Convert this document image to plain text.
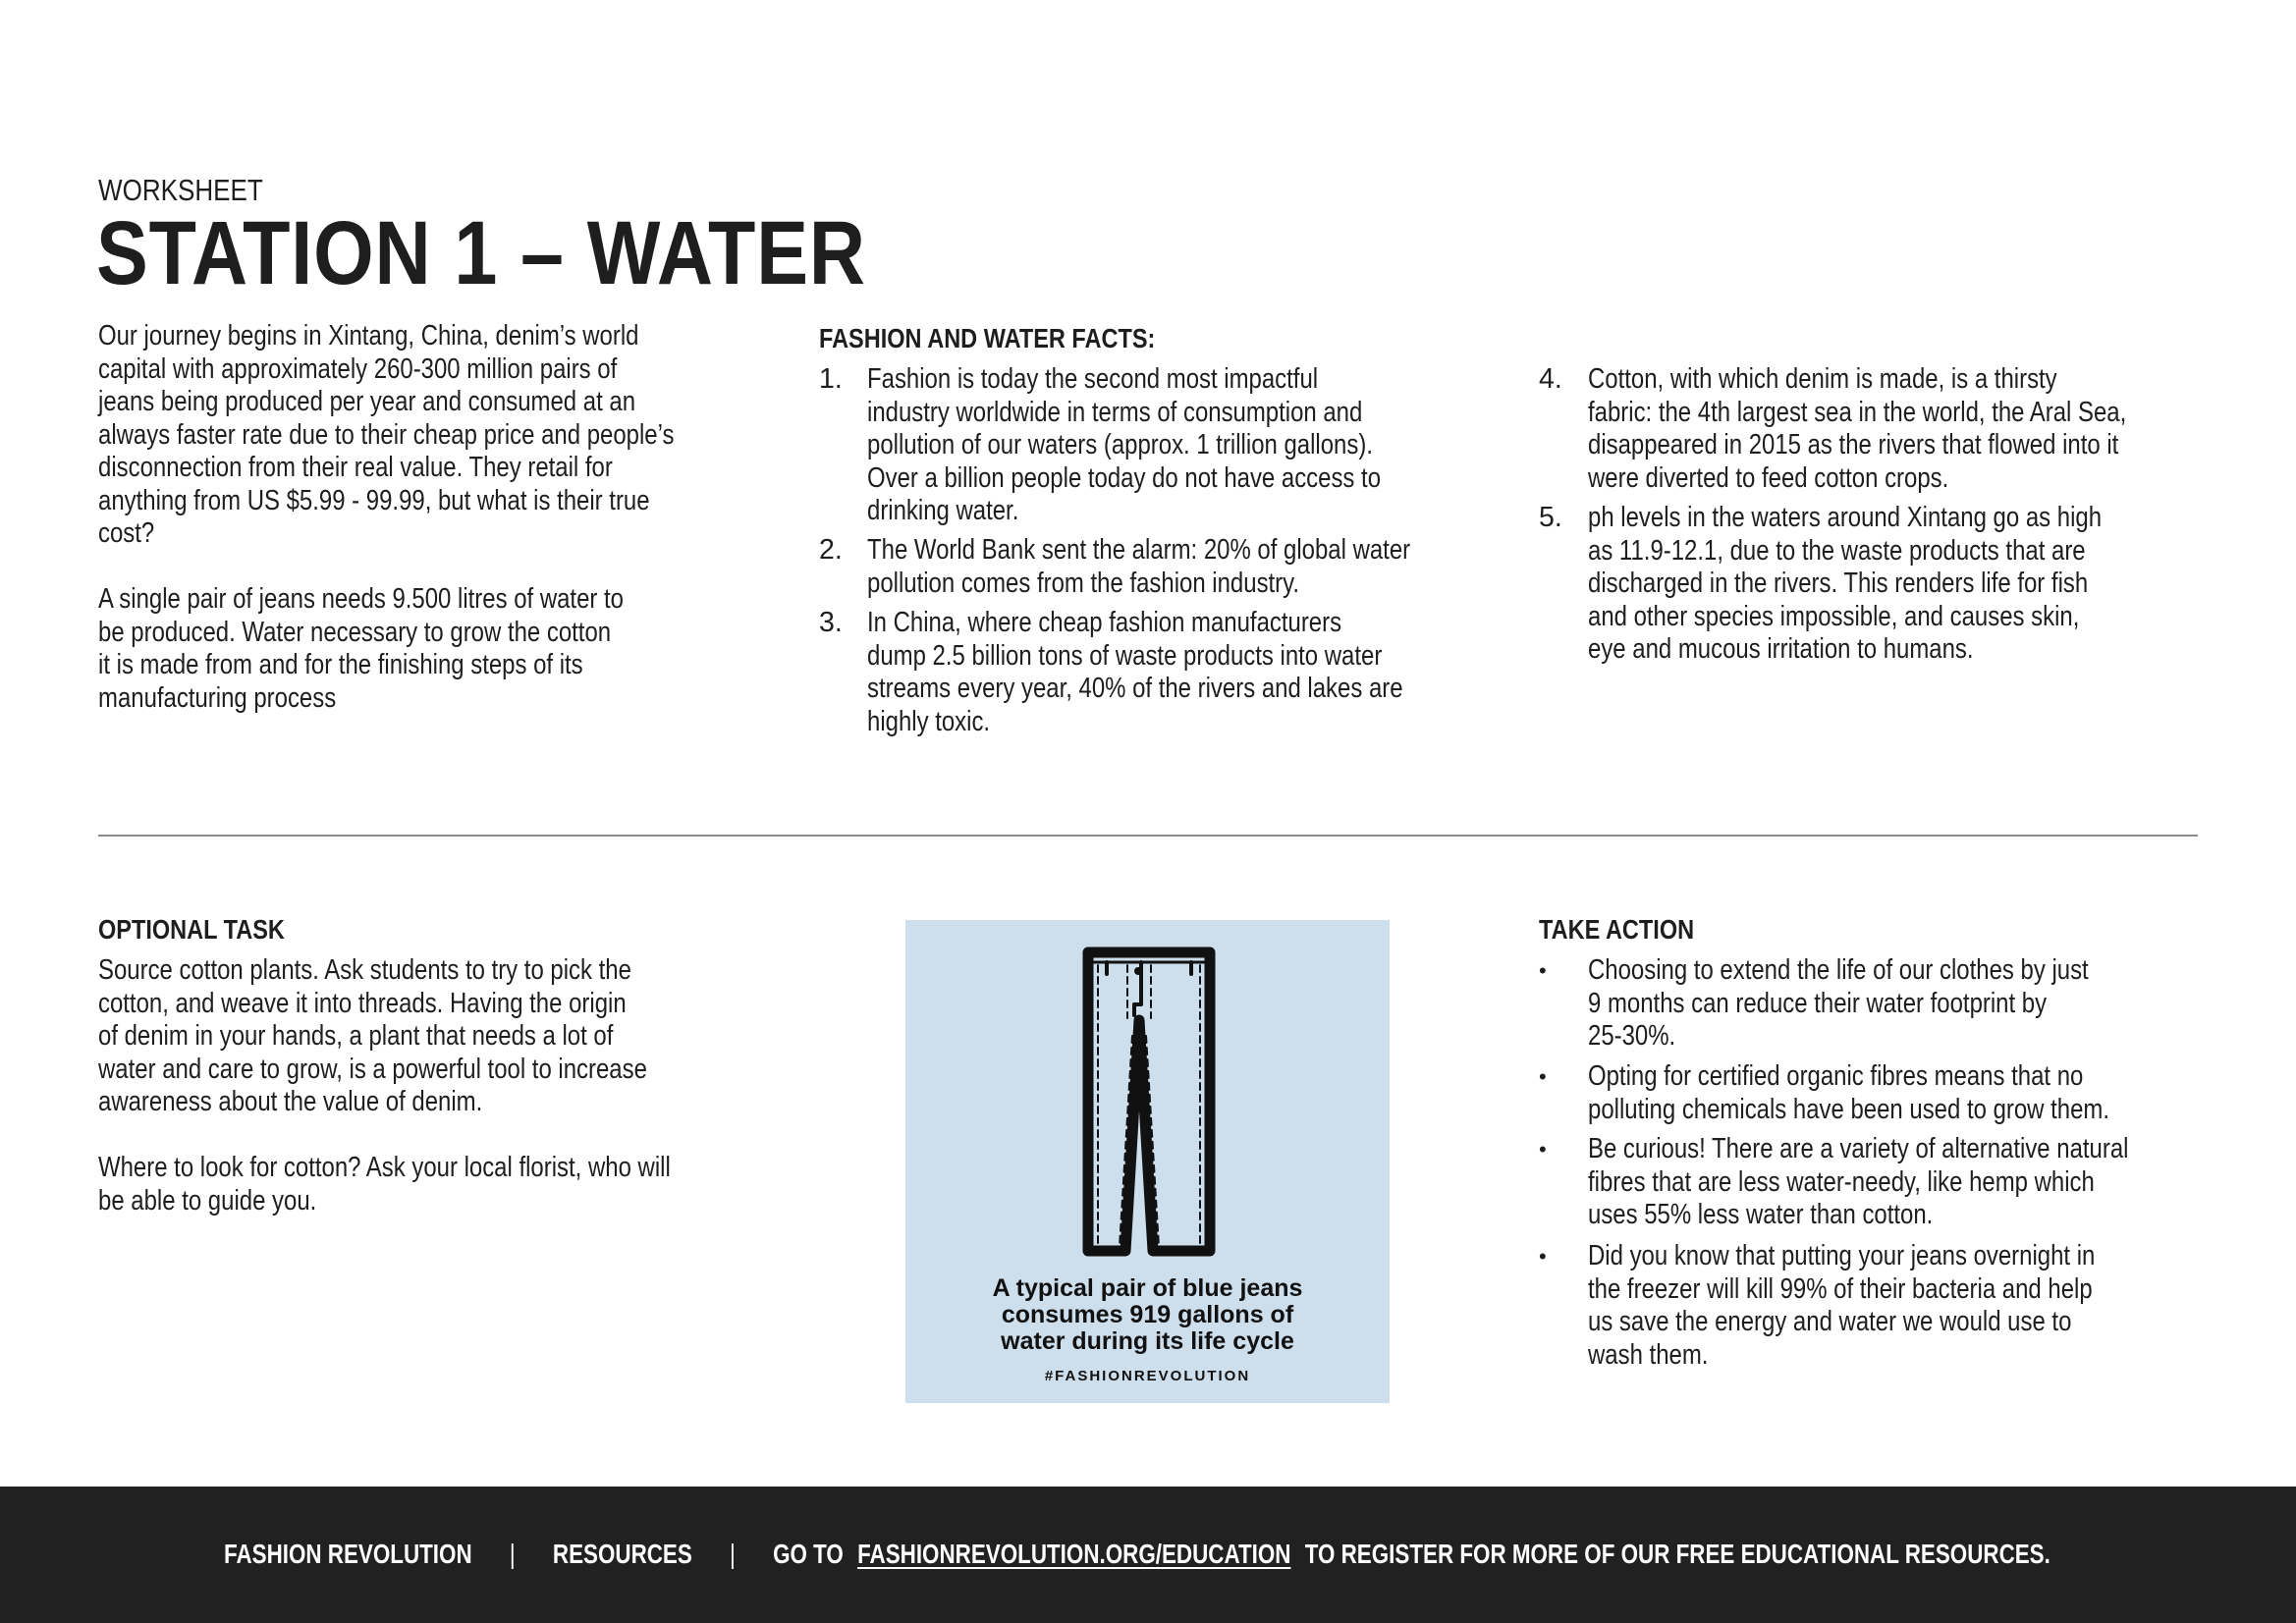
WORKSHEET
STATION 1 – WATER
Our journey begins in Xintang, China, denim’s world
capital with approximately 260-300 million pairs of
jeans being produced per year and consumed at an
always faster rate due to their cheap price and people’s
disconnection from their real value. They retail for
anything from US $5.99 - 99.99, but what is their true
cost?
A single pair of jeans needs 9.500 litres of water to
be produced. Water necessary to grow the cotton
it is made from and for the finishing steps of its
manufacturing process
FASHION AND WATER FACTS:
1. Fashion is today the second most impactful
industry worldwide in terms of consumption and
pollution of our waters (approx. 1 trillion gallons).
Over a billion people today do not have access to
drinking water.
2. The World Bank sent the alarm: 20% of global water
pollution comes from the fashion industry.
3. In China, where cheap fashion manufacturers
dump 2.5 billion tons of waste products into water
streams every year, 40% of the rivers and lakes are
highly toxic.
4. Cotton, with which denim is made, is a thirsty
fabric: the 4th largest sea in the world, the Aral Sea,
disappeared in 2015 as the rivers that flowed into it
were diverted to feed cotton crops.
5. ph levels in the waters around Xintang go as high
as 11.9-12.1, due to the waste products that are
discharged in the rivers. This renders life for fish
and other species impossible, and causes skin,
eye and mucous irritation to humans.
OPTIONAL TASK
Source cotton plants. Ask students to try to pick the
cotton, and weave it into threads. Having the origin
of denim in your hands, a plant that needs a lot of
water and care to grow, is a powerful tool to increase
awareness about the value of denim.
Where to look for cotton? Ask your local florist, who will
be able to guide you.
A typical pair of blue jeans
consumes 919 gallons of
water during its life cycle
#FASHIONREVOLUTION
TAKE ACTION
• Choosing to extend the life of our clothes by just
9 months can reduce their water footprint by
25-30%.
• Opting for certified organic fibres means that no
polluting chemicals have been used to grow them.
• Be curious! There are a variety of alternative natural
fibres that are less water-needy, like hemp which
uses 55% less water than cotton.
• Did you know that putting your jeans overnight in
the freezer will kill 99% of their bacteria and help
us save the energy and water we would use to
wash them.
FASHION REVOLUTION | RESOURCES | GO TO FASHIONREVOLUTION.ORG/EDUCATION TO REGISTER FOR MORE OF OUR FREE EDUCATIONAL RESOURCES.
